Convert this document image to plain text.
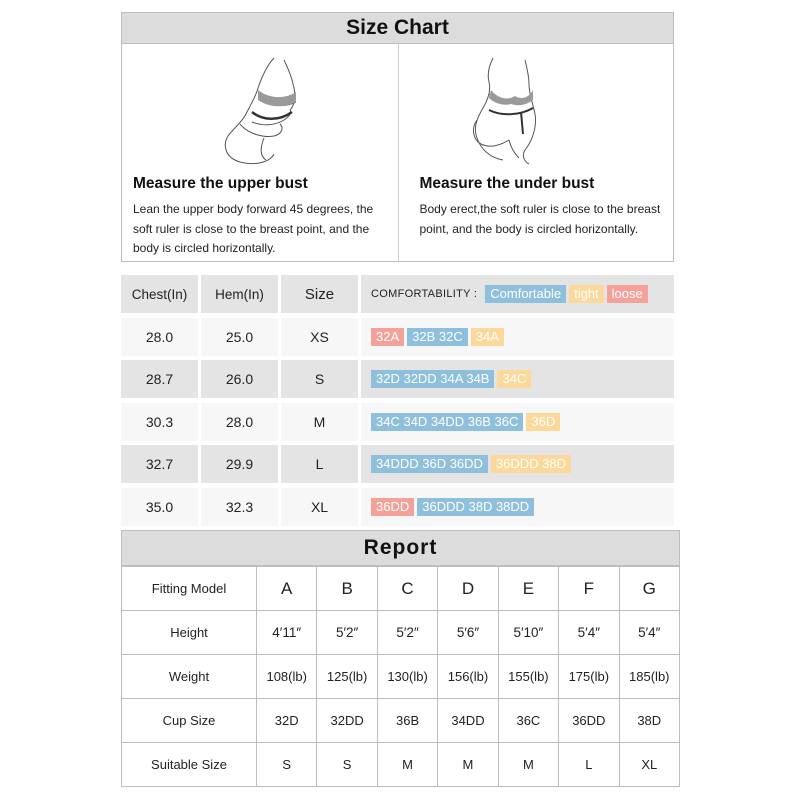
Size Chart
Measure the upper bust
Lean the upper body forward 45 degrees, the soft ruler is close to the breast point, and the body is circled horizontally.
Measure the under bust
Body erect,the soft ruler is close to the breast point, and the body is circled horizontally.
Chest(In)	Hem(In)	Size	COMFORTABILITY :	Comfortable	tight	loose
28.0	25.0	XS	32A	32B 32C	34A
28.7	26.0	S	32D 32DD 34A 34B	34C
30.3	28.0	M	34C 34D 34DD 36B 36C	36D
32.7	29.9	L	34DDD 36D 36DD	36DDD 38D
35.0	32.3	XL	36DD	36DDD 38D 38DD
Report
Fitting Model	A	B	C	D	E	F	G
Height	4′11″	5′2″	5′2″	5′6″	5′10″	5′4″	5′4″
Weight	108(lb)	125(lb)	130(lb)	156(lb)	155(lb)	175(lb)	185(lb)
Cup Size	32D	32DD	36B	34DD	36C	36DD	38D
Suitable Size	S	S	M	M	M	L	XL
